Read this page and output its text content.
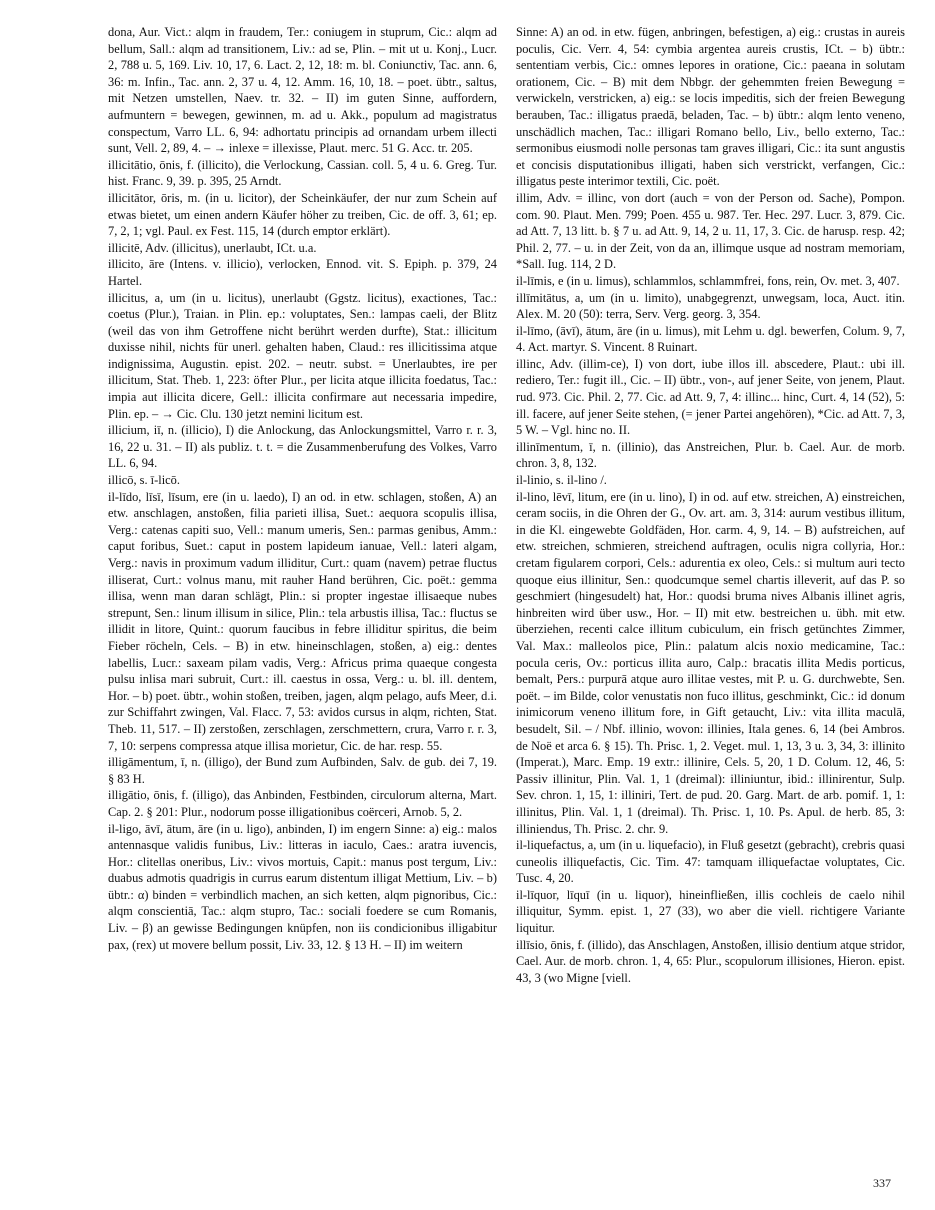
dona, Aur. Vict.: alqm in fraudem, Ter.: coniugem in stuprum, Cic.: alqm ad bellum, Sall.: alqm ad transitionem, Liv.: ad se, Plin. – mit ut u. Konj., Lucr. 2, 788 u. 5, 169. Liv. 10, 17, 6. Lact. 2, 12, 18: m. bl. Coniunctiv, Tac. ann. 6, 36: m. Infin., Tac. ann. 2, 37 u. 4, 12. Amm. 16, 10, 18. – poet. übtr., saltus, mit Netzen umstellen, Naev. tr. 32. – II) im guten Sinne, auffordern, aufmuntern = bewegen, gewinnen, m. ad u. Akk., populum ad magistratus conspectum, Varro LL. 6, 94: adhortatu principis ad ornandam urbem illecti sunt, Vell. 2, 89, 4. – → inlexe = illexisse, Plaut. merc. 51 G. Acc. tr. 205.

illicitātio, ōnis, f. (illicito), die Verlockung, Cassian. coll. 5, 4 u. 6. Greg. Tur. hist. Franc. 9, 39. p. 395, 25 Arndt.

illicitātor, ōris, m. (in u. licitor), der Scheinkäufer, der nur zum Schein auf etwas bietet, um einen andern Käufer höher zu treiben, Cic. de off. 3, 61; ep. 7, 2, 1; vgl. Paul. ex Fest. 115, 14 (durch emptor erklärt).

illicitē, Adv. (illicitus), unerlaubt, ICt. u.a.

illicito, āre (Intens. v. illicio), verlocken, Ennod. vit. S. Epiph. p. 379, 24 Hartel.

illicitus, a, um (in u. licitus), unerlaubt (Ggstz. licitus), exactiones, Tac.: coetus (Plur.), Traian. in Plin. ep.: voluptates, Sen.: lampas caeli, der Blitz (weil das von ihm Getroffene nicht berührt werden durfte), Stat.: illicitum duxisse nihil, nichts für unerl. gehalten haben, Claud.: res illicitissima atque indignissima, Augustin. epist. 202. – neutr. subst. = Unerlaubtes, ire per illicitum, Stat. Theb. 1, 223: öfter Plur., per licita atque illicita foedatus, Tac.: impia aut illicita dicere, Gell.: illicita confirmare aut necessaria impedire, Plin. ep. – → Cic. Clu. 130 jetzt nemini licitum est.

illicium, iī, n. (illicio), I) die Anlockung, das Anlockungsmittel, Varro r. r. 3, 16, 22 u. 31. – II) als publiz. t. t. = die Zusammenberufung des Volkes, Varro LL. 6, 94.

illicō, s. ī-licō.

il-līdo, līsī, līsum, ere (in u. laedo), I) an od. in etw. schlagen, stoßen, A) an etw. anschlagen, anstoßen, filia parieti illisa, Suet.: aequora scopulis illisa, Verg.: catenas capiti suo, Vell.: manum umeris, Sen.: parmas genibus, Amm.: caput foribus, Suet.: caput in postem lapideum ianuae, Vell.: lateri algam, Verg.: navis in proximum vadum illiditur, Curt.: quam (navem) petrae fluctus illiserat, Curt.: volnus manu, mit rauher Hand berühren, Cic. poët.: gemma illisa, wenn man daran schlägt, Plin.: si propter ingestae illisaeque nubes strepunt, Sen.: linum illisum in silice, Plin.: tela arbustis illisa, Tac.: fluctus se illidit in litore, Quint.: quorum faucibus in febre illiditur spiritus, die beim Fieber röcheln, Cels. – B) in etw. hineinschlagen, stoßen, a) eig.: dentes labellis, Lucr.: saxeam pilam vadis, Verg.: Africus prima quaeque congesta pulsu inlisa mari subruit, Curt.: ill. caestus in ossa, Verg.: u. bl. ill. dentem, Hor. – b) poet. übtr., wohin stoßen, treiben, jagen, alqm pelago, aufs Meer, d.i. zur Schiffahrt zwingen, Val. Flacc. 7, 53: avidos cursus in alqm, richten, Stat. Theb. 11, 517. – II) zerstoßen, zerschlagen, zerschmettern, crura, Varro r. r. 3, 7, 10: serpens compressa atque illisa morietur, Cic. de har. resp. 55.

illigāmentum, ī, n. (illigo), der Bund zum Aufbinden, Salv. de gub. dei 7, 19. § 83 H.

illigātio, ōnis, f. (illigo), das Anbinden, Festbinden, circulorum alterna, Mart. Cap. 2. § 201: Plur., nodorum posse illigationibus coërceri, Arnob. 5, 2.

il-ligo, āvī, ātum, āre (in u. ligo), anbinden, I) im engern Sinne: a) eig.: malos antennasque validis funibus, Liv.: litteras in iaculo, Caes.: aratra iuvencis, Hor.: clitellas oneribus, Liv.: vivos mortuis, Capit.: manus post tergum, Liv.: duabus admotis quadrigis in currus earum distentum illigat Mettium, Liv. – b) übtr.: α) binden = verbindlich machen, an sich ketten, alqm pignoribus, Cic.: alqm conscientiā, Tac.: alqm stupro, Tac.: sociali foedere se cum Romanis, Liv. – β) an gewisse Bedingungen knüpfen, non iis condicionibus illigabitur pax, (rex) ut movere bellum possit, Liv. 33, 12. § 13 H. – II) im weitern

Sinne: A) an od. in etw. fügen, anbringen, befestigen, a) eig.: crustas in aureis poculis, Cic. Verr. 4, 54: cymbia argentea aureis crustis, ICt. – b) übtr.: sententiam verbis, Cic.: omnes lepores in oratione, Cic.: paeana in solutam orationem, Cic. – B) mit dem Nbbgr. der gehemmten freien Bewegung = verwickeln, verstricken, a) eig.: se locis impeditis, sich der freien Bewegung berauben, Tac.: illigatus praedā, beladen, Tac. – b) übtr.: alqm lento veneno, unschädlich machen, Tac.: illigari Romano bello, Liv., bello externo, Tac.: sermonibus eiusmodi nolle personas tam graves illigari, Cic.: ita sunt angustis et concisis disputationibus illigati, haben sich verstrickt, verfangen, Cic.: illigatus peste interimor textili, Cic. poët.

illim, Adv. = illinc, von dort (auch = von der Person od. Sache), Pompon. com. 90. Plaut. Men. 799; Poen. 455 u. 987. Ter. Hec. 297. Lucr. 3, 879. Cic. ad Att. 7, 13 litt. b. § 7 u. ad Att. 9, 14, 2 u. 11, 17, 3. Cic. de harusp. resp. 42; Phil. 2, 77. – u. in der Zeit, von da an, illimque usque ad nostram memoriam, *Sall. Iug. 114, 2 D.

il-līmis, e (in u. limus), schlammlos, schlammfrei, fons, rein, Ov. met. 3, 407.

illīmitātus, a, um (in u. limito), unabgegrenzt, unwegsam, loca, Auct. itin. Alex. M. 20 (50): terra, Serv. Verg. georg. 3, 354.

il-līmo, (āvī), ātum, āre (in u. limus), mit Lehm u. dgl. bewerfen, Colum. 9, 7, 4. Act. martyr. S. Vincent. 8 Ruinart.

illinc, Adv. (illim-ce), I) von dort, iube illos ill. abscedere, Plaut.: ubi ill. rediero, Ter.: fugit ill., Cic. – II) übtr., von-, auf jener Seite, von jenem, Plaut. rud. 973. Cic. Phil. 2, 77. Cic. ad Att. 9, 7, 4: illinc... hinc, Curt. 4, 14 (52), 5: ill. facere, auf jener Seite stehen, (= jener Partei angehören), *Cic. ad Att. 7, 3, 5 W. – Vgl. hinc no. II.

illinīmentum, ī, n. (illinio), das Anstreichen, Plur. b. Cael. Aur. de morb. chron. 3, 8, 132.

il-linio, s. il-lino /.

il-lino, lēvī, litum, ere (in u. lino), I) in od. auf etw. streichen, A) einstreichen, ceram sociis, in die Ohren der G., Ov. art. am. 3, 314: aurum vestibus illitum, in die Kl. eingewebte Goldfäden, Hor. carm. 4, 9, 14. – B) aufstreichen, auf etw. streichen, schmieren, streichend auftragen, oculis nigra collyria, Hor.: cretam figularem corpori, Cels.: adurentia ex oleo, Cels.: si multum auri tecto quoque eius illinitur, Sen.: quodcumque semel chartis illeverit, auf das P. so geschmiert (hingesudelt) hat, Hor.: quodsi bruma nives Albanis illinet agris, hinbreiten wird über usw., Hor. – II) mit etw. bestreichen u. übh. mit etw. überziehen, recenti calce illitum cubiculum, ein frisch getünchtes Zimmer, Val. Max.: malleolos pice, Plin.: palatum alcis noxio medicamine, Tac.: pocula ceris, Ov.: porticus illita auro, Calp.: bracatis illita Medis porticus, bemalt, Pers.: purpurā atque auro illitae vestes, mit P. u. G. durchwebte, Sen. poët. – im Bilde, color venustatis non fuco illitus, geschminkt, Cic.: id donum inimicorum veneno illitum fore, in Gift getaucht, Liv.: vita illita maculā, besudelt, Sil. – / Nbf. illinio, wovon: illinies, Itala genes. 6, 14 (bei Ambros. de Noë et arca 6. § 15). Th. Prisc. 1, 2. Veget. mul. 1, 13, 3 u. 3, 34, 3: illinito (Imperat.), Marc. Emp. 19 extr.: illinire, Cels. 5, 20, 1 D. Colum. 12, 46, 5: Passiv illinitur, Plin. Val. 1, 1 (dreimal): illiniuntur, ibid.: illinirentur, Sulp. Sev. chron. 1, 15, 1: illiniri, Tert. de pud. 20. Garg. Mart. de arb. pomif. 1, 1: illinitus, Plin. Val. 1, 1 (dreimal). Th. Prisc. 1, 10. Ps. Apul. de herb. 85, 3: illiniendus, Th. Prisc. 2. chr. 9.

il-liquefactus, a, um (in u. liquefacio), in Fluß gesetzt (gebracht), crebris quasi cuneolis illiquefactis, Cic. Tim. 47: tamquam illiquefactae voluptates, Cic. Tusc. 4, 20.

il-līquor, līquī (in u. liquor), hineinfließen, illis cochleis de caelo nihil illiquitur, Symm. epist. 1, 27 (33), wo aber die viell. richtigere Variante liquitur.

illīsio, ōnis, f. (illido), das Anschlagen, Anstoßen, illisio dentium atque stridor, Cael. Aur. de morb. chron. 1, 4, 65: Plur., scopulorum illisiones, Hieron. epist. 43, 3 (wo Migne [viell.

337
